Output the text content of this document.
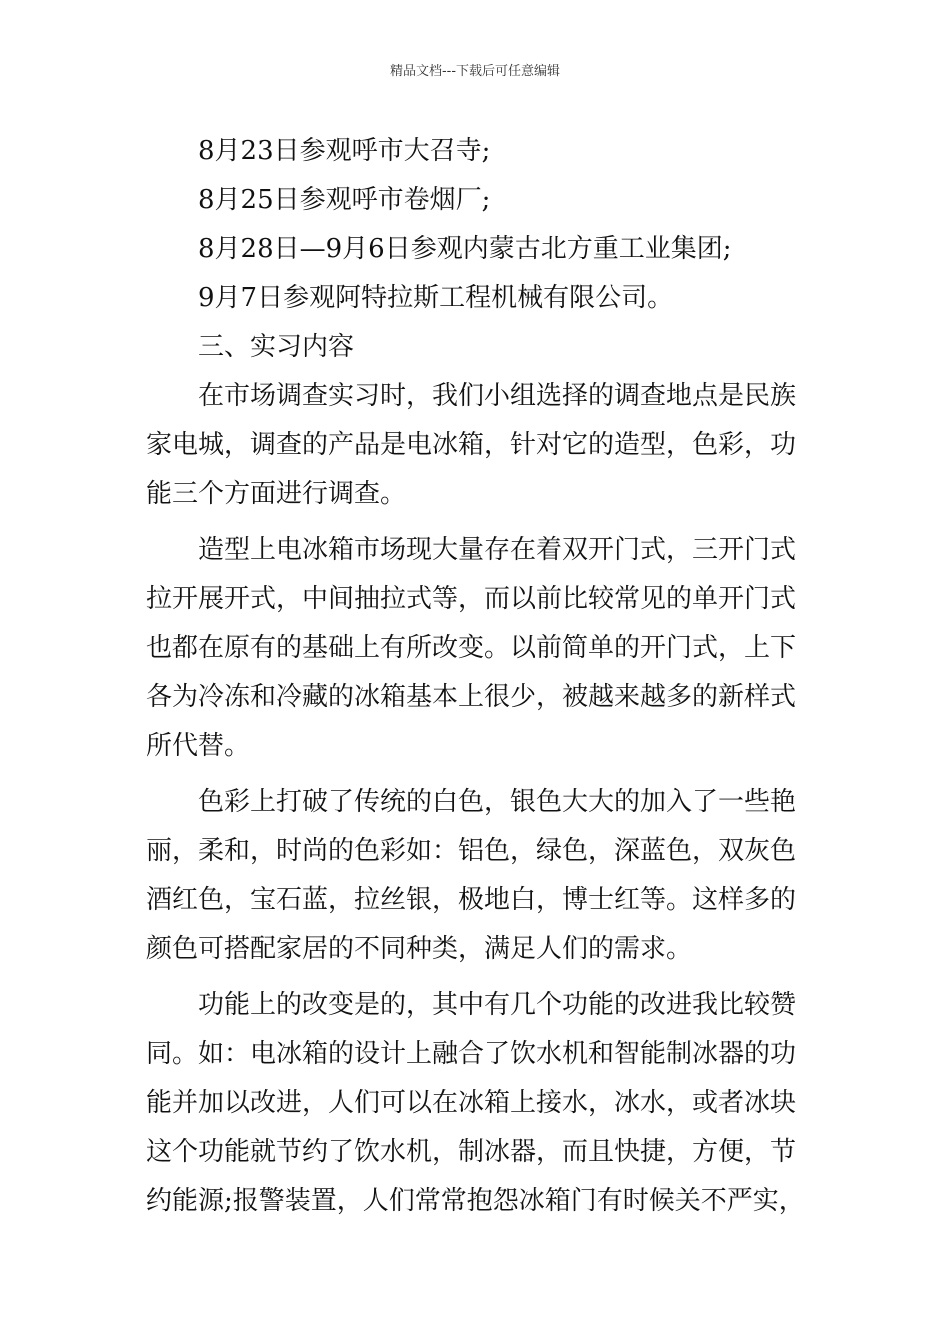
精品文档---下载后可任意编辑
8月23日参观呼市大召寺;
8月25日参观呼市卷烟厂;
8月28日—9月6日参观内蒙古北方重工业集团;
9月7日参观阿特拉斯工程机械有限公司。
三、实习内容
在市场调查实习时，我们小组选择的调查地点是民族
家电城，调查的产品是电冰箱，针对它的造型，色彩，功
能三个方面进行调查。
造型上电冰箱市场现大量存在着双开门式，三开门式
拉开展开式，中间抽拉式等，而以前比较常见的单开门式
也都在原有的基础上有所改变。以前简单的开门式，上下
各为冷冻和冷藏的冰箱基本上很少，被越来越多的新样式
所代替。
色彩上打破了传统的白色，银色大大的加入了一些艳
丽，柔和，时尚的色彩如：铝色，绿色，深蓝色，双灰色
酒红色，宝石蓝，拉丝银，极地白，博士红等。这样多的
颜色可搭配家居的不同种类，满足人们的需求。
功能上的改变是的，其中有几个功能的改进我比较赞
同。如：电冰箱的设计上融合了饮水机和智能制冰器的功
能并加以改进，人们可以在冰箱上接水，冰水，或者冰块
这个功能就节约了饮水机，制冰器，而且快捷，方便，节
约能源;报警装置，人们常常抱怨冰箱门有时候关不严实，
